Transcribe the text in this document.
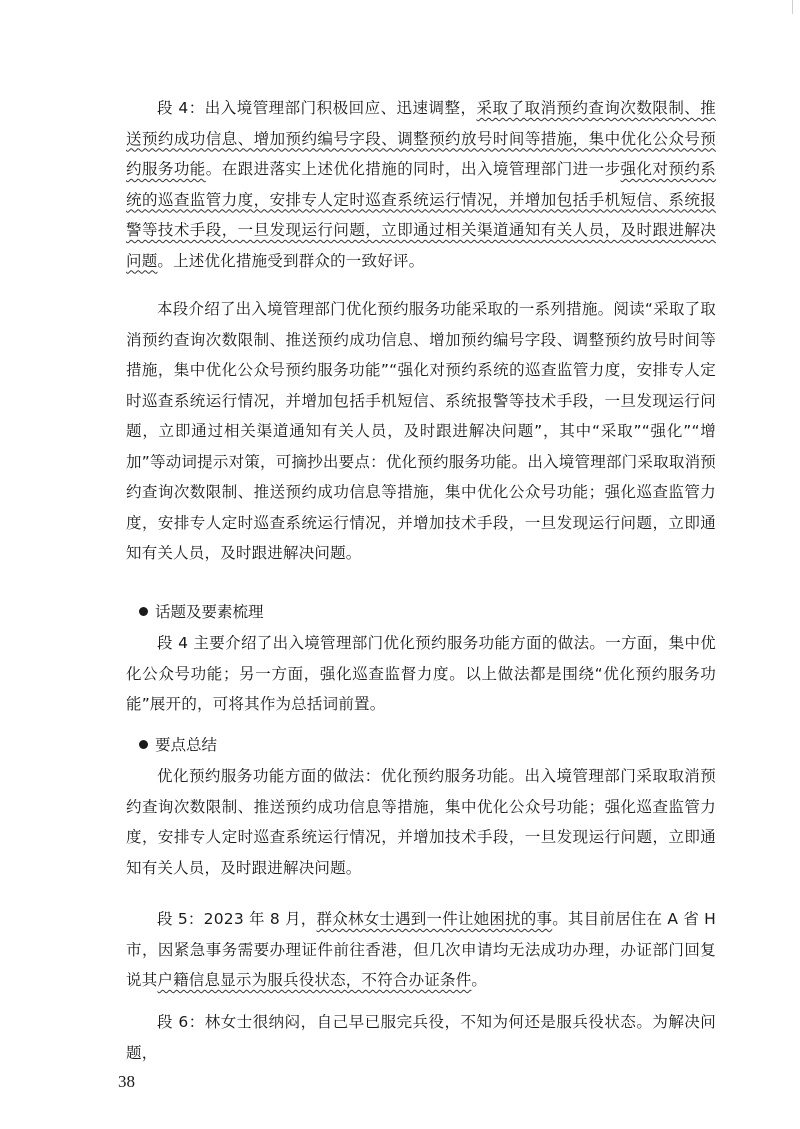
段 4：出入境管理部门积极回应、迅速调整，采取了取消预约查询次数限制、推送预约成功信息、增加预约编号字段、调整预约放号时间等措施，集中优化公众号预约服务功能。在跟进落实上述优化措施的同时，出入境管理部门进一步强化对预约系统的巡查监管力度，安排专人定时巡查系统运行情况，并增加包括手机短信、系统报警等技术手段，一旦发现运行问题，立即通过相关渠道通知有关人员，及时跟进解决问题。上述优化措施受到群众的一致好评。

本段介绍了出入境管理部门优化预约服务功能采取的一系列措施。阅读“采取了取消预约查询次数限制、推送预约成功信息、增加预约编号字段、调整预约放号时间等措施，集中优化公众号预约服务功能”“强化对预约系统的巡查监管力度，安排专人定时巡查系统运行情况，并增加包括手机短信、系统报警等技术手段，一旦发现运行问题，立即通过相关渠道通知有关人员，及时跟进解决问题”，其中“采取”“强化”“增加”等动词提示对策，可摘抄出要点：优化预约服务功能。出入境管理部门采取取消预约查询次数限制、推送预约成功信息等措施，集中优化公众号功能；强化巡查监管力度，安排专人定时巡查系统运行情况，并增加技术手段，一旦发现运行问题，立即通知有关人员，及时跟进解决问题。

话题及要素梳理

段 4 主要介绍了出入境管理部门优化预约服务功能方面的做法。一方面，集中优化公众号功能；另一方面，强化巡查监督力度。以上做法都是围绕“优化预约服务功能”展开的，可将其作为总括词前置。

要点总结

优化预约服务功能方面的做法：优化预约服务功能。出入境管理部门采取取消预约查询次数限制、推送预约成功信息等措施，集中优化公众号功能；强化巡查监管力度，安排专人定时巡查系统运行情况，并增加技术手段，一旦发现运行问题，立即通知有关人员，及时跟进解决问题。

段 5：2023 年 8 月，群众林女士遇到一件让她困扰的事。其目前居住在 A 省 H 市，因紧急事务需要办理证件前往香港，但几次申请均无法成功办理，办证部门回复说其户籍信息显示为服兵役状态，不符合办证条件。

段 6：林女士很纳闷，自己早已服完兵役，不知为何还是服兵役状态。为解决问题，

38
